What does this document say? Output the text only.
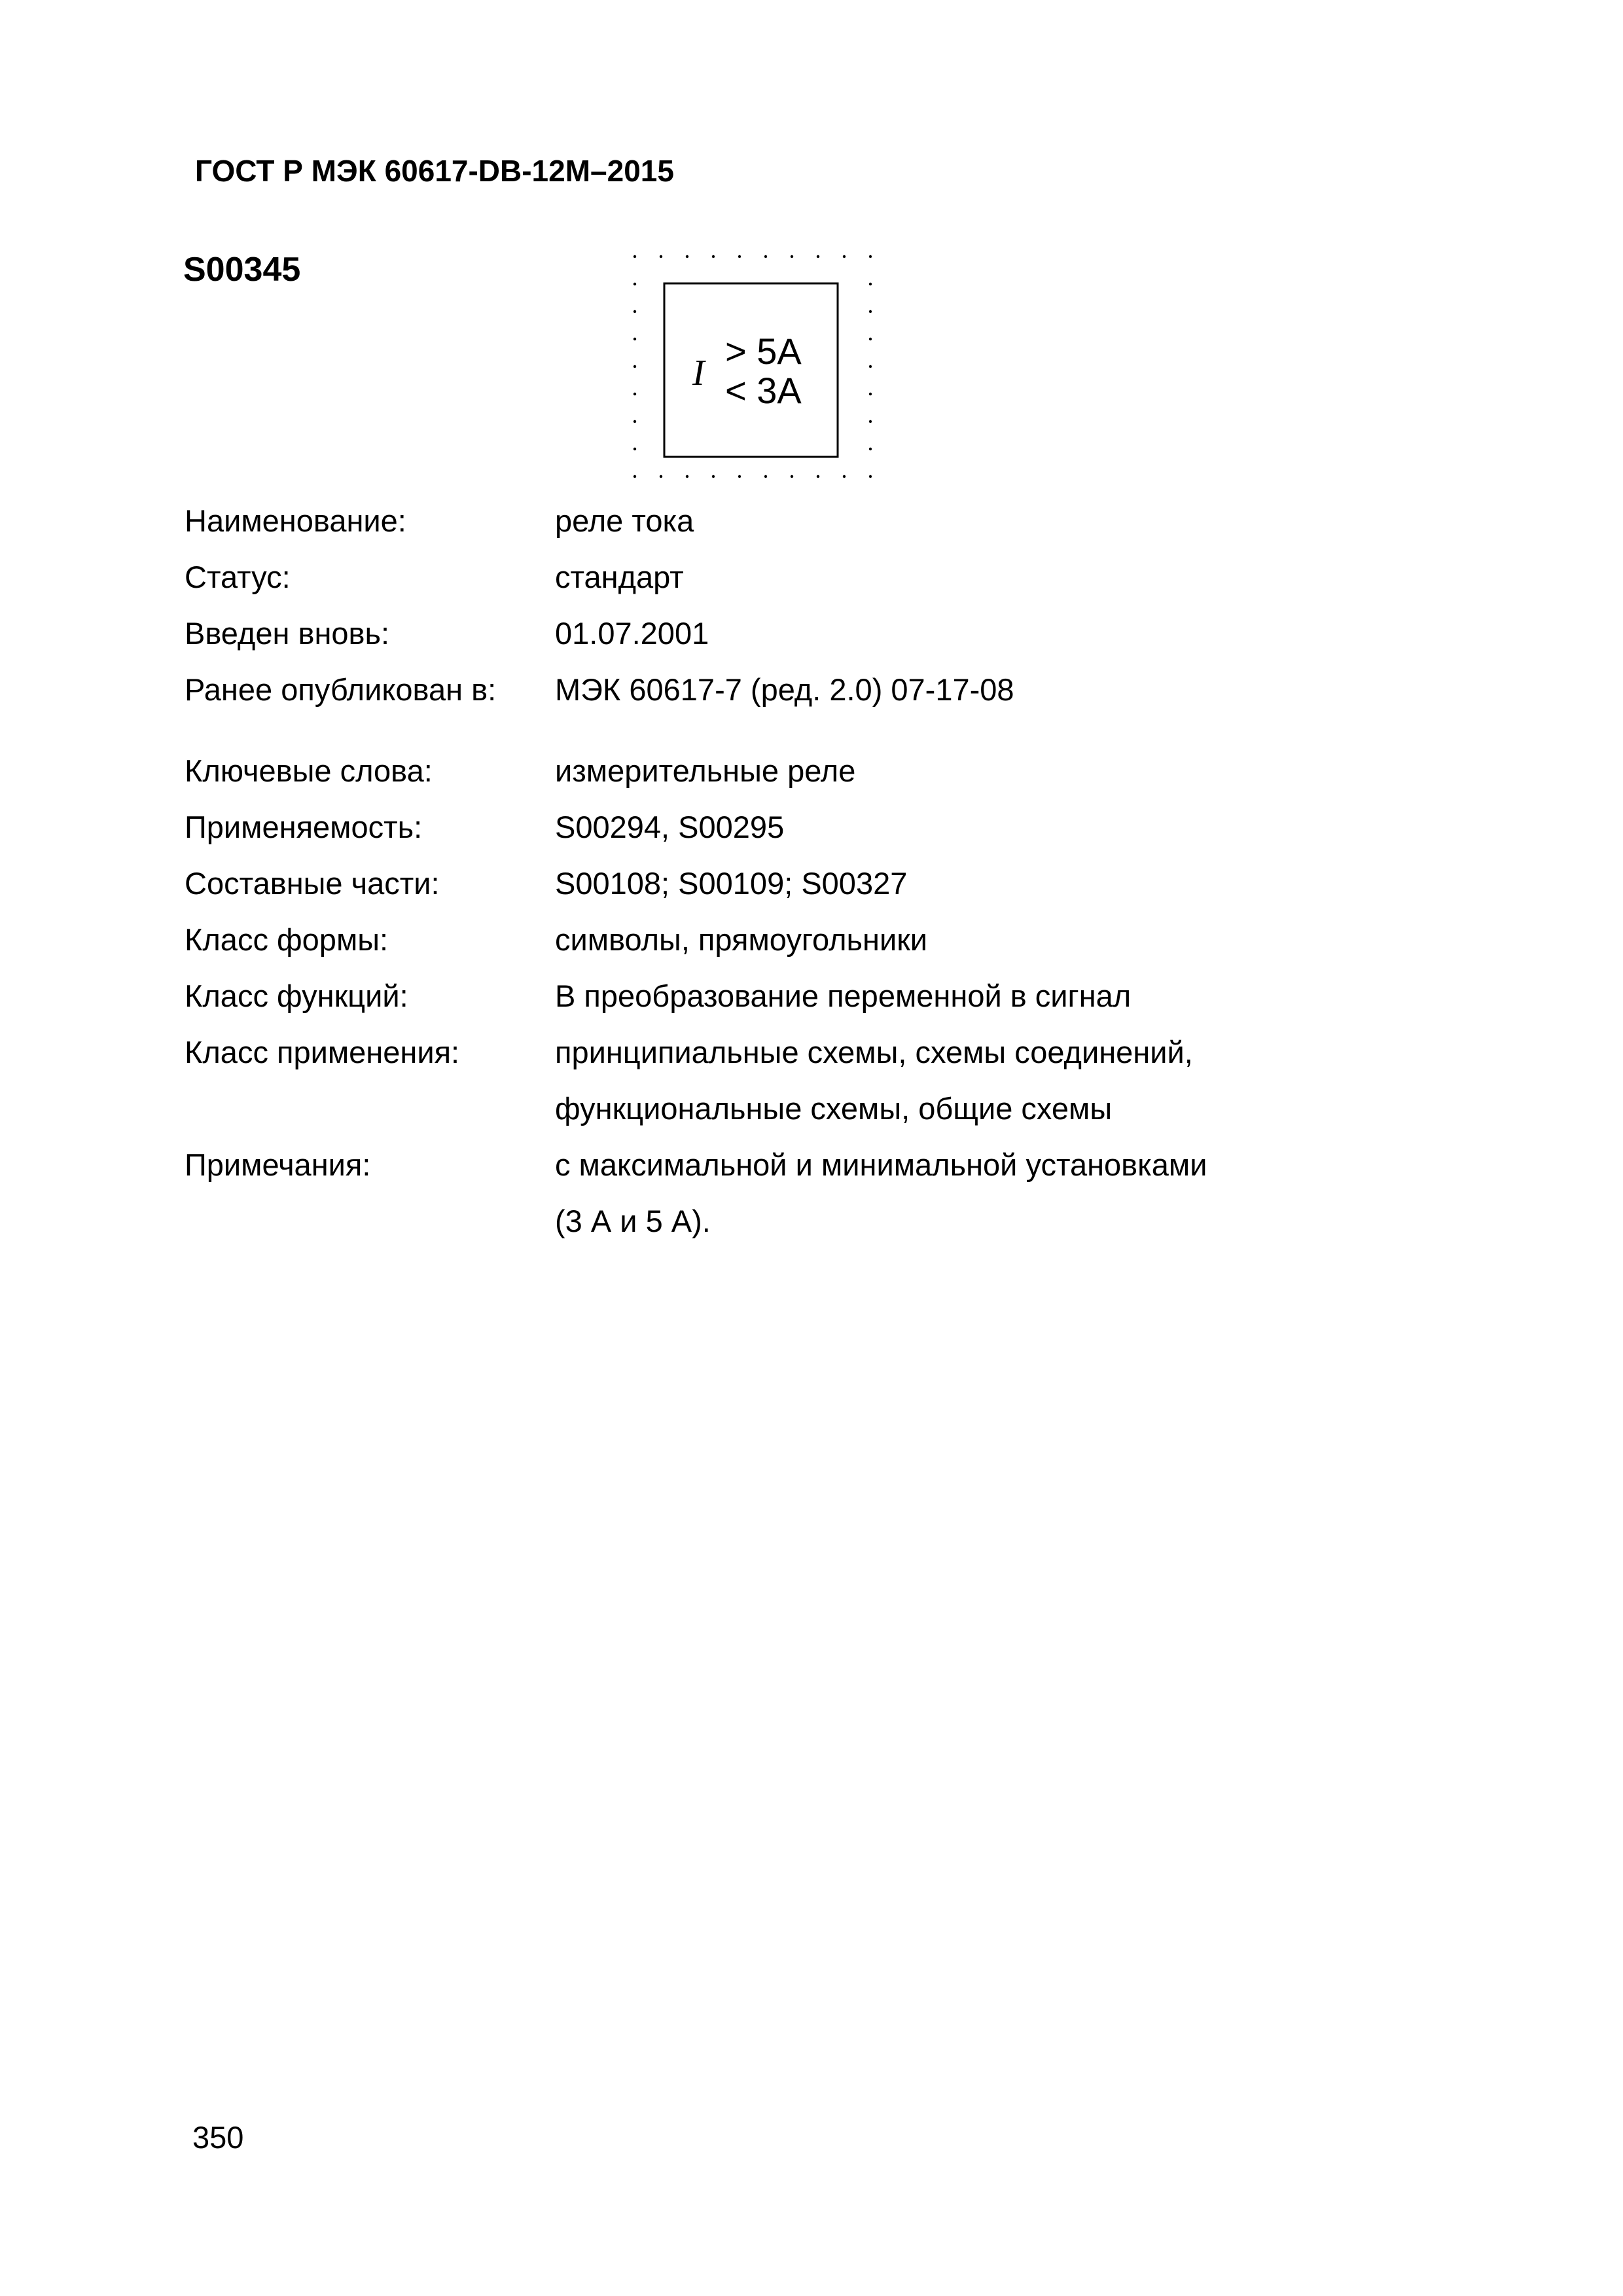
ГОСТ Р МЭК 60617-DB-12M–2015
S00345
I
> 5A
< 3A
Наименование:	реле тока
Статус:	стандарт
Введен вновь:	01.07.2001
Ранее опубликован в: МЭК 60617-7 (ред. 2.0) 07-17-08
Ключевые слова:	измерительные реле
Применяемость:	S00294, S00295
Составные части:	S00108; S00109; S00327
Класс формы:	символы, прямоугольники
Класс функций:	В преобразование переменной в сигнал
Класс применения:	принципиальные схемы, схемы соединений,
функциональные схемы, общие схемы
Примечания:	с максимальной и минимальной установками
(3 А и 5 А).
350
